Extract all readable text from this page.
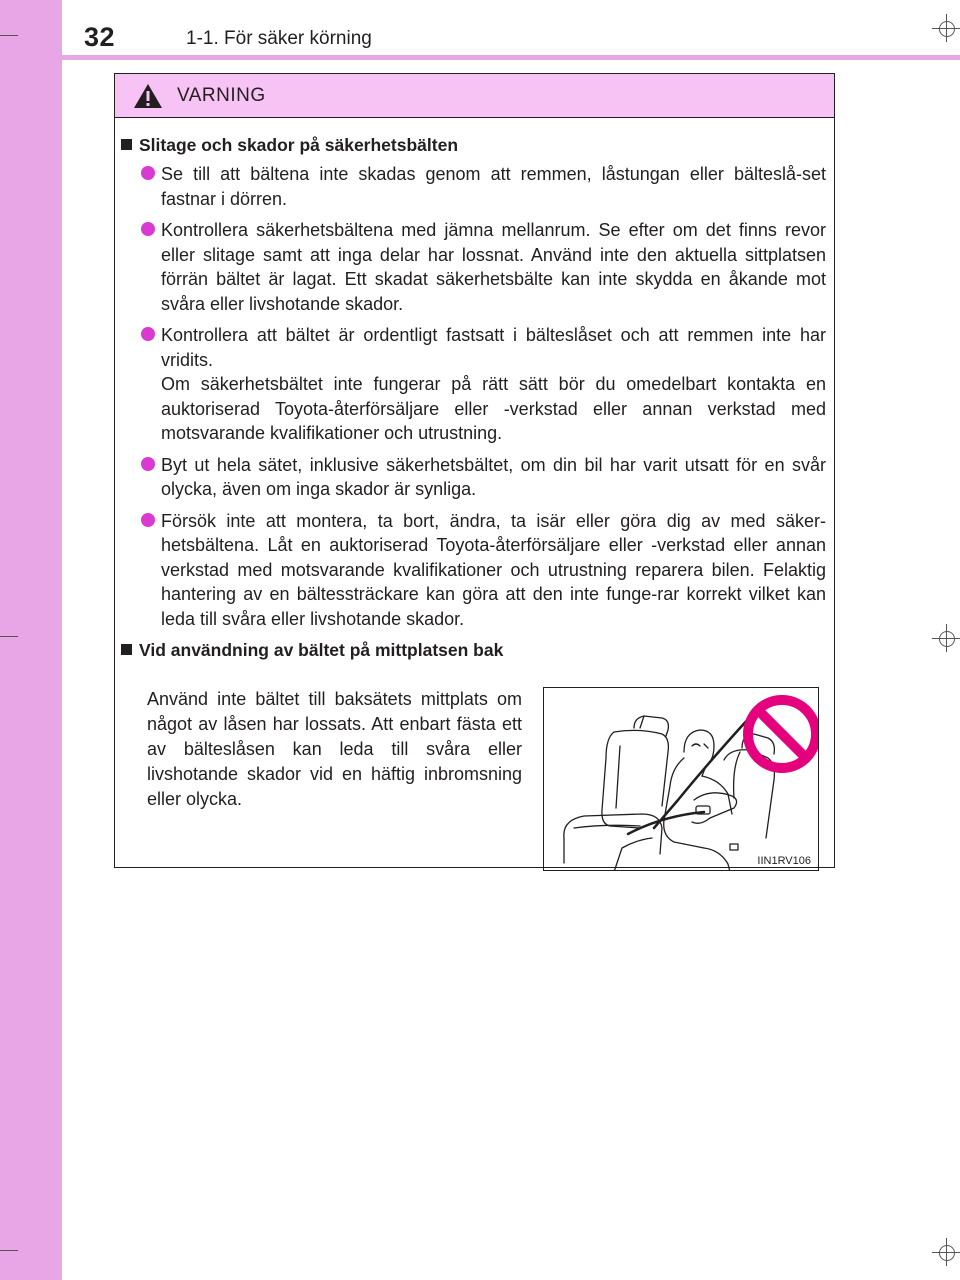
32	1-1. För säker körning
VARNING
Slitage och skador på säkerhetsbälten

Se till att bältena inte skadas genom att remmen, låstungan eller bälteslå-set fastnar i dörren.

Kontrollera säkerhetsbältena med jämna mellanrum. Se efter om det finns revor eller slitage samt att inga delar har lossnat. Använd inte den aktuella sittplatsen förrän bältet är lagat. Ett skadat säkerhetsbälte kan inte skydda en åkande mot svåra eller livshotande skador.

Kontrollera att bältet är ordentligt fastsatt i bälteslåset och att remmen inte har vridits.

Om säkerhetsbältet inte fungerar på rätt sätt bör du omedelbart kontakta en auktoriserad Toyota-återförsäljare eller -verkstad eller annan verkstad med motsvarande kvalifikationer och utrustning.

Byt ut hela sätet, inklusive säkerhetsbältet, om din bil har varit utsatt för en svår olycka, även om inga skador är synliga.

Försök inte att montera, ta bort, ändra, ta isär eller göra dig av med säker-hetsbältena. Låt en auktoriserad Toyota-återförsäljare eller -verkstad eller annan verkstad med motsvarande kvalifikationer och utrustning reparera bilen. Felaktig hantering av en bältessträckare kan göra att den inte funge-rar korrekt vilket kan leda till svåra eller livshotande skador.

Vid användning av bältet på mittplatsen bak
Använd inte bältet till baksätets mittplats om något av låsen har lossats. Att enbart fästa ett av bälteslåsen kan leda till svåra eller livshotande skador vid en häftig inbromsning eller olycka.
IIN1RV106
